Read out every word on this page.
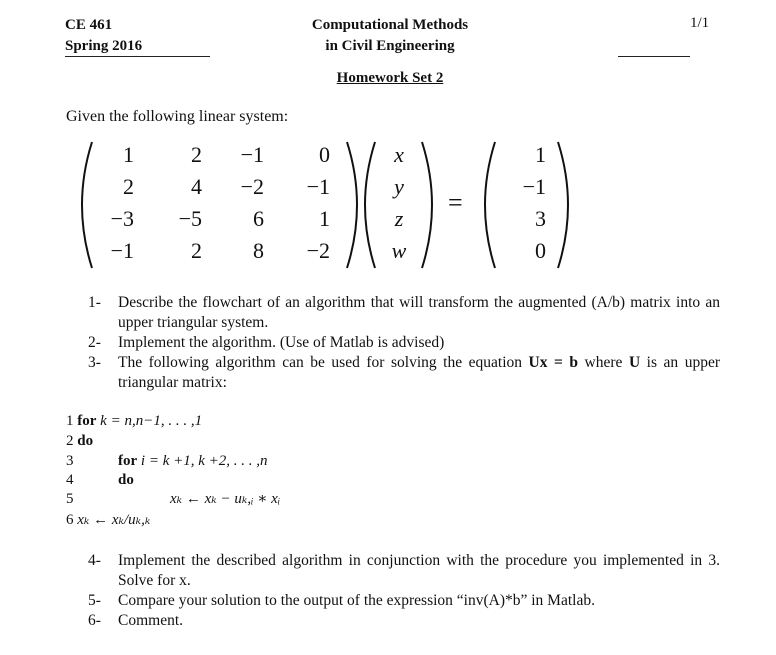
CE 461
Spring 2016
Computational Methods
in Civil Engineering
1/1
Homework Set 2
Given the following linear system:
1	2	−1	0
2	4	−2	−1
−3	−5	6	1
−1	2	8	−2
x
y
z
w
=
1
−1
3
0
1- Describe the flowchart of an algorithm that will transform the augmented (A/b) matrix into an upper triangular system.
2- Implement the algorithm. (Use of Matlab is advised)
3- The following algorithm can be used for solving the equation Ux = b where U is an upper triangular matrix:
1 for k = n,n−1, . . . ,1
2 do
3	for i = k +1, k +2, . . . ,n
4	do
5	xₖ ← xₖ − uₖ,ᵢ ∗ xᵢ
6 xₖ ← xₖ/uₖ,ₖ
4- Implement the described algorithm in conjunction with the procedure you implemented in 3. Solve for x.
5- Compare your solution to the output of the expression “inv(A)*b” in Matlab.
6- Comment.
